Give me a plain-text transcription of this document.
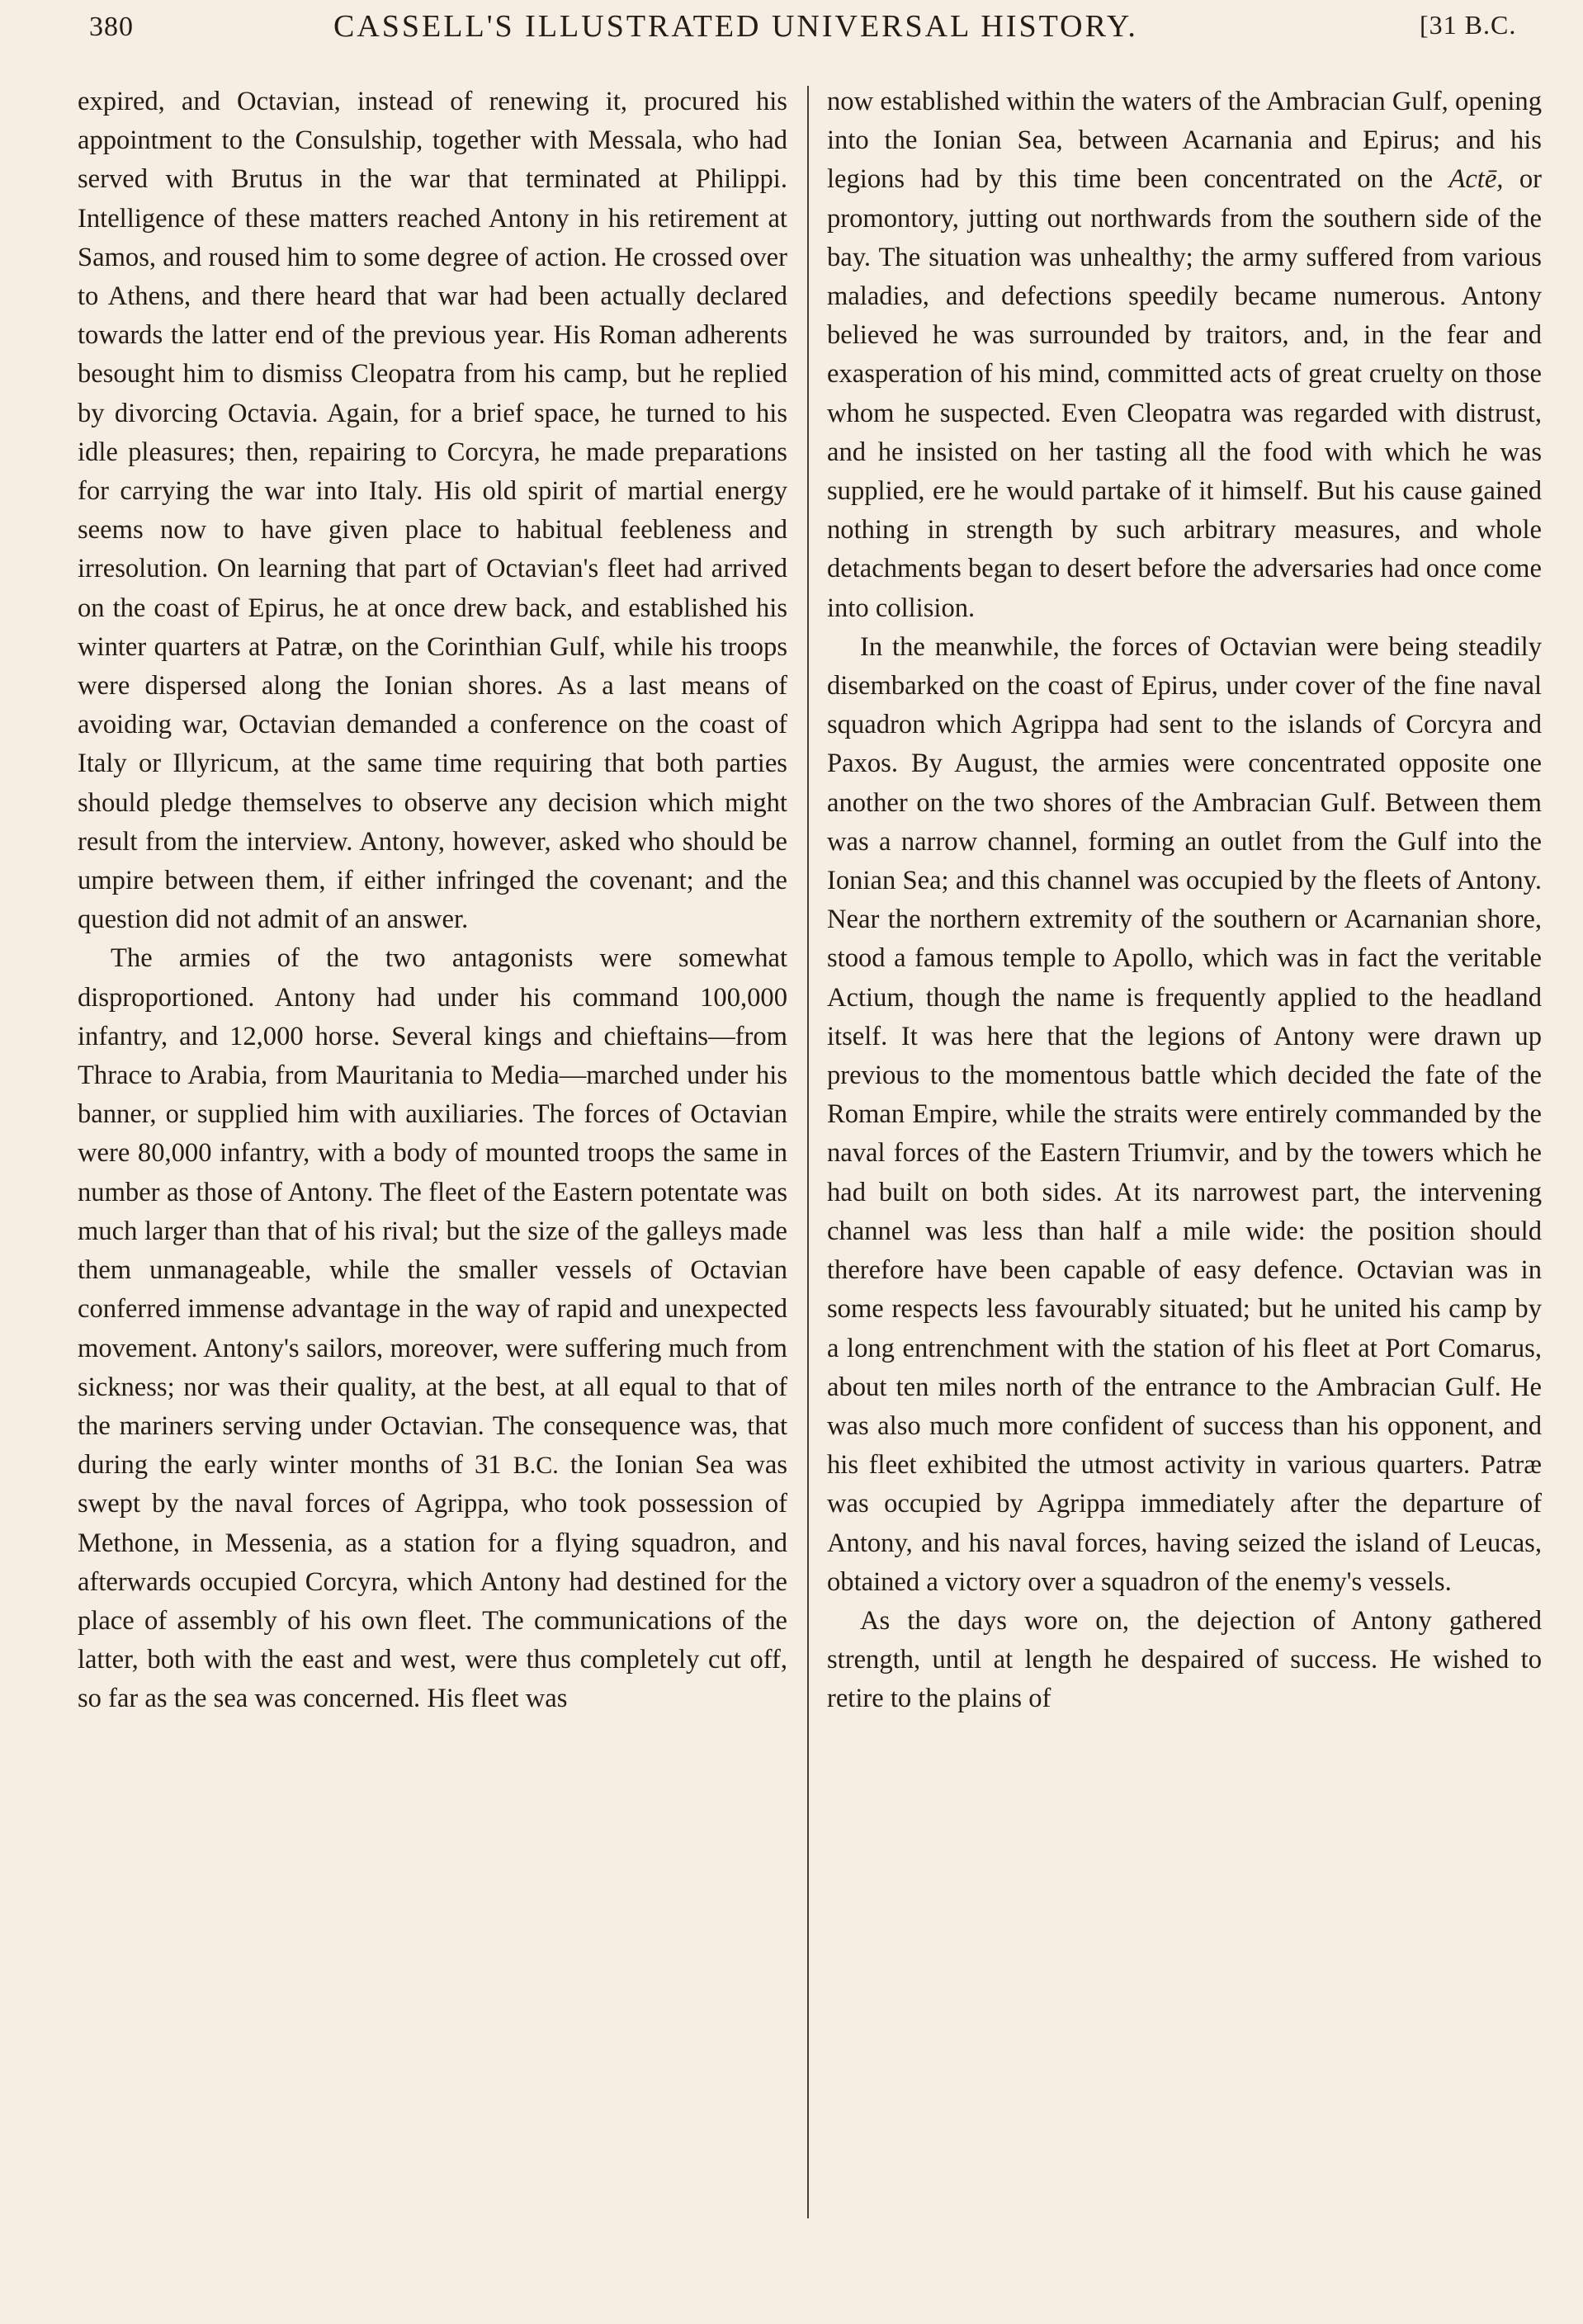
380	CASSELL'S ILLUSTRATED UNIVERSAL HISTORY.	[31 B.C.

expired, and Octavian, instead of renewing it, procured his appointment to the Consulship, together with Messala, who had served with Brutus in the war that terminated at Philippi. Intelligence of these matters reached Antony in his retirement at Samos, and roused him to some degree of action. He crossed over to Athens, and there heard that war had been actually declared towards the latter end of the previous year. His Roman adherents besought him to dismiss Cleopatra from his camp, but he replied by divorcing Octavia. Again, for a brief space, he turned to his idle pleasures; then, repairing to Corcyra, he made preparations for carrying the war into Italy. His old spirit of martial energy seems now to have given place to habitual feebleness and irresolution. On learning that part of Octavian's fleet had arrived on the coast of Epirus, he at once drew back, and established his winter quarters at Patræ, on the Corinthian Gulf, while his troops were dispersed along the Ionian shores. As a last means of avoiding war, Octavian demanded a conference on the coast of Italy or Illyricum, at the same time requiring that both parties should pledge themselves to observe any decision which might result from the interview. Antony, however, asked who should be umpire between them, if either infringed the covenant; and the question did not admit of an answer.

The armies of the two antagonists were somewhat disproportioned. Antony had under his command 100,000 infantry, and 12,000 horse. Several kings and chieftains—from Thrace to Arabia, from Mauritania to Media—marched under his banner, or supplied him with auxiliaries. The forces of Octavian were 80,000 infantry, with a body of mounted troops the same in number as those of Antony. The fleet of the Eastern potentate was much larger than that of his rival; but the size of the galleys made them unmanageable, while the smaller vessels of Octavian conferred immense advantage in the way of rapid and unexpected movement. Antony's sailors, moreover, were suffering much from sickness; nor was their quality, at the best, at all equal to that of the mariners serving under Octavian. The consequence was, that during the early winter months of 31 B.C. the Ionian Sea was swept by the naval forces of Agrippa, who took possession of Methone, in Messenia, as a station for a flying squadron, and afterwards occupied Corcyra, which Antony had destined for the place of assembly of his own fleet. The communications of the latter, both with the east and west, were thus completely cut off, so far as the sea was concerned. His fleet was

now established within the waters of the Ambracian Gulf, opening into the Ionian Sea, between Acarnania and Epirus; and his legions had by this time been concentrated on the Actē, or promontory, jutting out northwards from the southern side of the bay. The situation was unhealthy; the army suffered from various maladies, and defections speedily became numerous. Antony believed he was surrounded by traitors, and, in the fear and exasperation of his mind, committed acts of great cruelty on those whom he suspected. Even Cleopatra was regarded with distrust, and he insisted on her tasting all the food with which he was supplied, ere he would partake of it himself. But his cause gained nothing in strength by such arbitrary measures, and whole detachments began to desert before the adversaries had once come into collision.

In the meanwhile, the forces of Octavian were being steadily disembarked on the coast of Epirus, under cover of the fine naval squadron which Agrippa had sent to the islands of Corcyra and Paxos. By August, the armies were concentrated opposite one another on the two shores of the Ambracian Gulf. Between them was a narrow channel, forming an outlet from the Gulf into the Ionian Sea; and this channel was occupied by the fleets of Antony. Near the northern extremity of the southern or Acarnanian shore, stood a famous temple to Apollo, which was in fact the veritable Actium, though the name is frequently applied to the headland itself. It was here that the legions of Antony were drawn up previous to the momentous battle which decided the fate of the Roman Empire, while the straits were entirely commanded by the naval forces of the Eastern Triumvir, and by the towers which he had built on both sides. At its narrowest part, the intervening channel was less than half a mile wide: the position should therefore have been capable of easy defence. Octavian was in some respects less favourably situated; but he united his camp by a long entrenchment with the station of his fleet at Port Comarus, about ten miles north of the entrance to the Ambracian Gulf. He was also much more confident of success than his opponent, and his fleet exhibited the utmost activity in various quarters. Patræ was occupied by Agrippa immediately after the departure of Antony, and his naval forces, having seized the island of Leucas, obtained a victory over a squadron of the enemy's vessels.

As the days wore on, the dejection of Antony gathered strength, until at length he despaired of success. He wished to retire to the plains of
